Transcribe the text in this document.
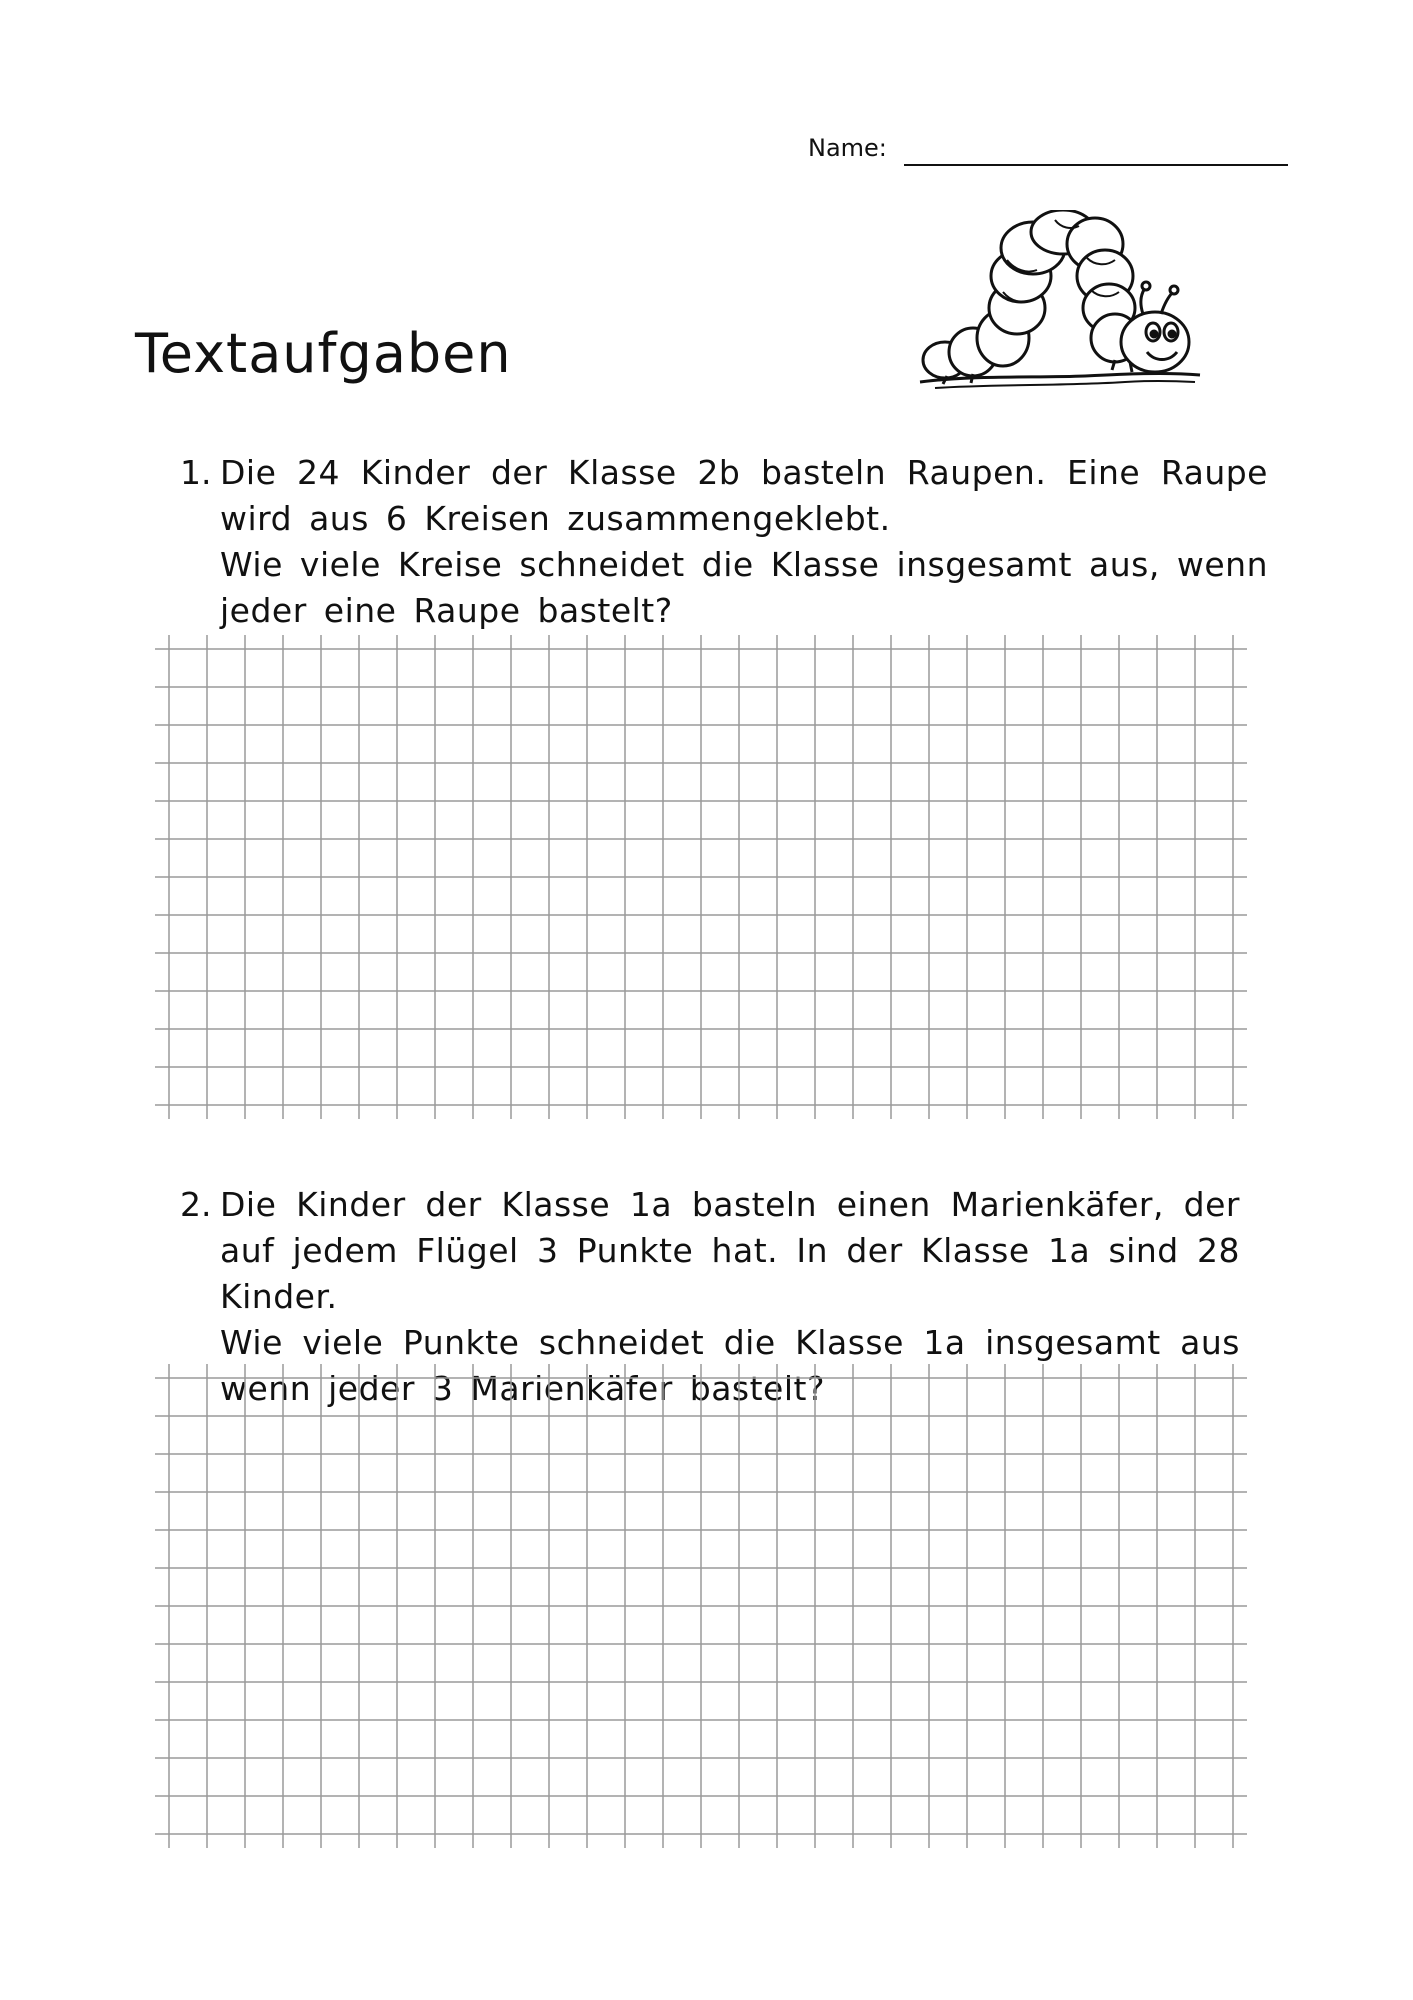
Name:
Textaufgaben
1. Die 24 Kinder der Klasse 2b basteln Raupen. Eine Raupe wird aus 6 Kreisen zusammengeklebt.
Wie viele Kreise schneidet die Klasse insgesamt aus, wenn jeder eine Raupe bastelt?
2. Die Kinder der Klasse 1a basteln einen Marienkäfer, der auf jedem Flügel 3 Punkte hat. In der Klasse 1a sind 28 Kinder.
Wie viele Punkte schneidet die Klasse 1a insgesamt aus wenn jeder 3 Marienkäfer bastelt?
